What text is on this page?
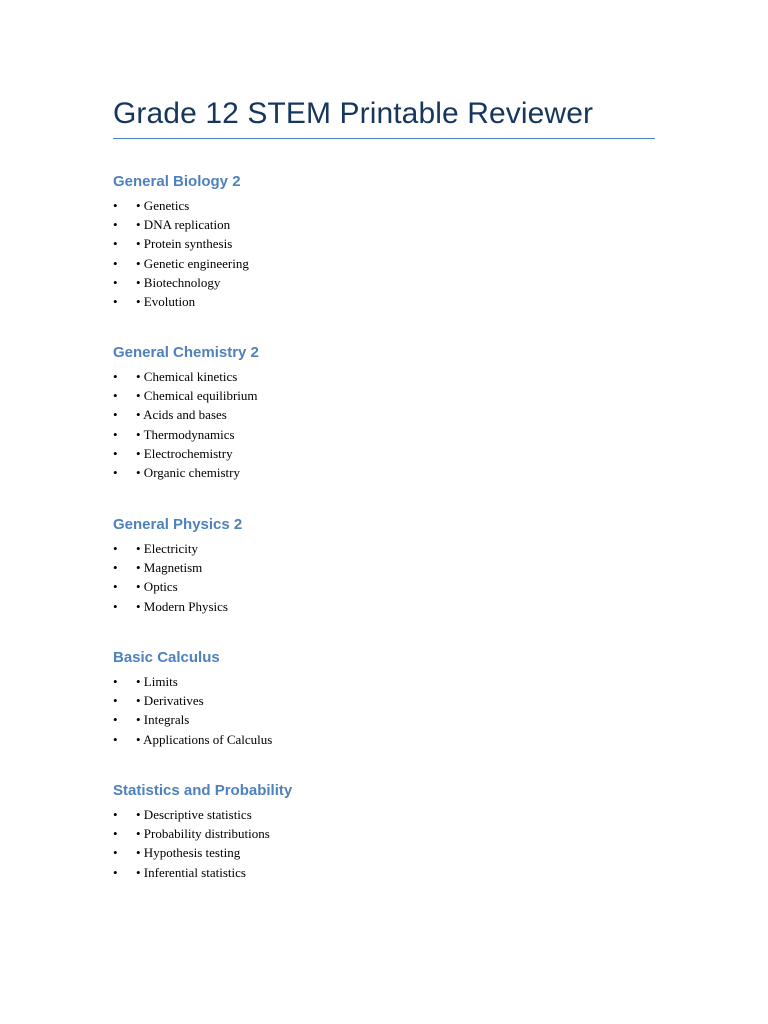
Grade 12 STEM Printable Reviewer
General Biology 2
• • Genetics
• • DNA replication
• • Protein synthesis
• • Genetic engineering
• • Biotechnology
• • Evolution
General Chemistry 2
• • Chemical kinetics
• • Chemical equilibrium
• • Acids and bases
• • Thermodynamics
• • Electrochemistry
• • Organic chemistry
General Physics 2
• • Electricity
• • Magnetism
• • Optics
• • Modern Physics
Basic Calculus
• • Limits
• • Derivatives
• • Integrals
• • Applications of Calculus
Statistics and Probability
• • Descriptive statistics
• • Probability distributions
• • Hypothesis testing
• • Inferential statistics
